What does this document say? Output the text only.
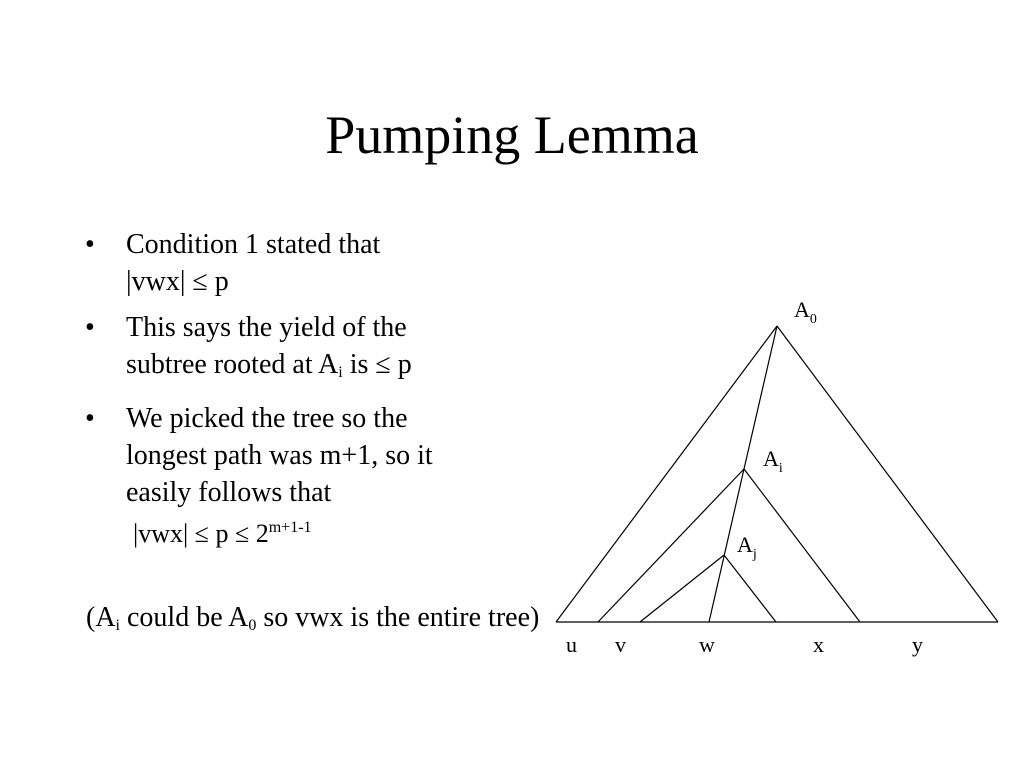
Pumping Lemma
• Condition 1 stated that
|vwx| ≤ p
• This says the yield of the
subtree rooted at $A_i$ is ≤ p
• We picked the tree so the
longest path was m+1, so it
easily follows that
$|vwx| \le p \le 2^{m+1-1}$
($A_i$ could be $A_0$ so vwx is the entire tree)
$A_0$
$A_i$
$A_j$
u v	w	x	y
